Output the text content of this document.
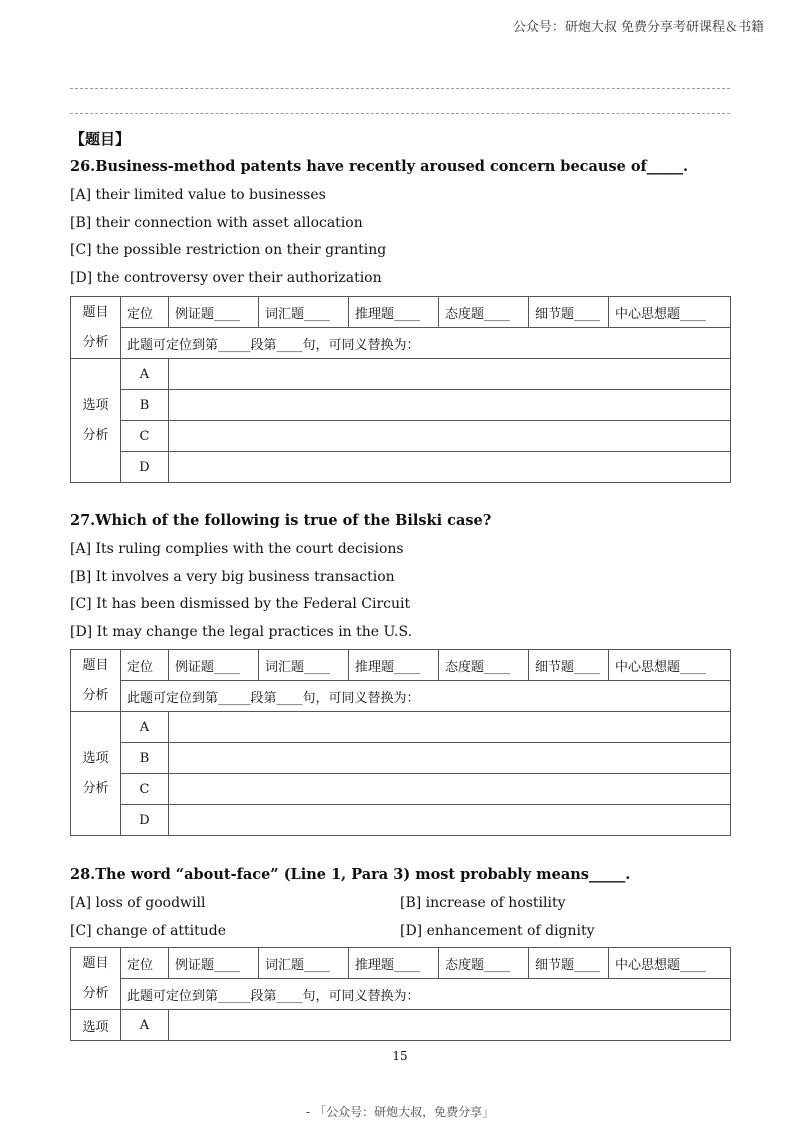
公众号：研炮大叔 免费分享考研课程＆书籍
【题目】
26.Business-method patents have recently aroused concern because of_____.
[A] their limited value to businesses
[B] their connection with asset allocation
[C] the possible restriction on their granting
[D] the controversy over their authorization
题目
分析	定位	例证题____	词汇题____	推理题____	态度题____	细节题____	中心思想题____
	此题可定位到第_____段第____句，可同义替换为：						

选项
分析	A						
	B						
	C						
	D						
27.Which of the following is true of the Bilski case?
[A] Its ruling complies with the court decisions
[B] It involves a very big business transaction
[C] It has been dismissed by the Federal Circuit
[D] It may change the legal practices in the U.S.
题目
分析	定位	例证题____	词汇题____	推理题____	态度题____	细节题____	中心思想题____
	此题可定位到第_____段第____句，可同义替换为：						

选项
分析	A						
	B						
	C						
	D						
28.The word “about-face” (Line 1, Para 3) most probably means_____.
[A] loss of goodwill	[B] increase of hostility
[C] change of attitude	[D] enhancement of dignity
题目
分析	定位	例证题____	词汇题____	推理题____	态度题____	细节题____	中心思想题____
	此题可定位到第_____段第____句，可同义替换为：						
选项	A						
15
- 「公众号：研炮大叔，免费分享」
